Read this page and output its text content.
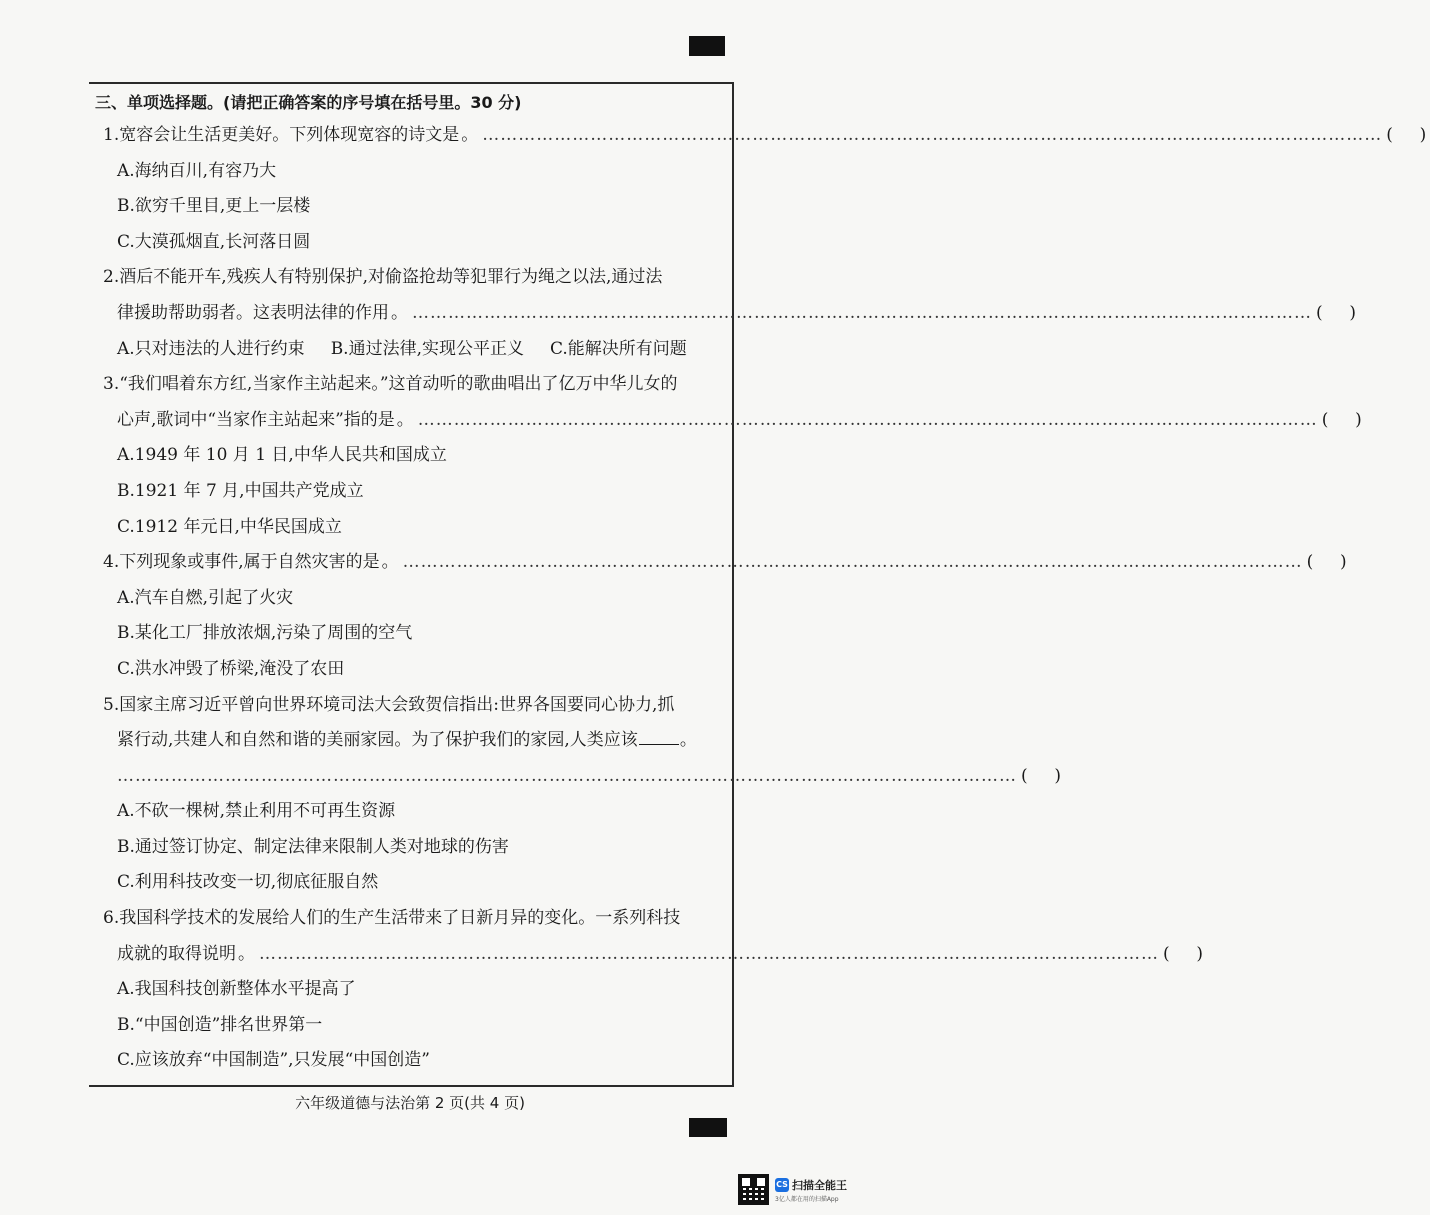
三、单项选择题。(请把正确答案的序号填在括号里。30 分)
1.宽容会让生活更美好。下列体现宽容的诗文是 。 …………………………………………………………………………………………………………………………………… ( )
A.海纳百川,有容乃大
B.欲穷千里目,更上一层楼
C.大漠孤烟直,长河落日圆
2.酒后不能开车,残疾人有特别保护,对偷盗抢劫等犯罪行为绳之以法,通过法
律援助帮助弱者。这表明法律的作用 。 …………………………………………………………………………………………………………………………………… ( )
A.只对违法的人进行约束 B.通过法律,实现公平正义 C.能解决所有问题
3.“我们唱着东方红,当家作主站起来。”这首动听的歌曲唱出了亿万中华儿女的
心声,歌词中“当家作主站起来”指的是 。 …………………………………………………………………………………………………………………………………… ( )
A.1949 年 10 月 1 日,中华人民共和国成立
B.1921 年 7 月,中国共产党成立
C.1912 年元日,中华民国成立
4.下列现象或事件,属于自然灾害的是 。 …………………………………………………………………………………………………………………………………… ( )
A.汽车自燃,引起了火灾
B.某化工厂排放浓烟,污染了周围的空气
C.洪水冲毁了桥梁,淹没了农田
5.国家主席习近平曾向世界环境司法大会致贺信指出:世界各国要同心协力,抓
紧行动,共建人和自然和谐的美丽家园。为了保护我们的家园,人类应该 。
…………………………………………………………………………………………………………………………………… ( )
A.不砍一棵树,禁止利用不可再生资源
B.通过签订协定、制定法律来限制人类对地球的伤害
C.利用科技改变一切,彻底征服自然
6.我国科学技术的发展给人们的生产生活带来了日新月异的变化。一系列科技
成就的取得说明 。 …………………………………………………………………………………………………………………………………… ( )
A.我国科技创新整体水平提高了
B.“中国创造”排名世界第一
C.应该放弃“中国制造”,只发展“中国创造”
六年级道德与法治第 2 页(共 4 页)
CS 扫描全能王
3亿人都在用的扫描App
